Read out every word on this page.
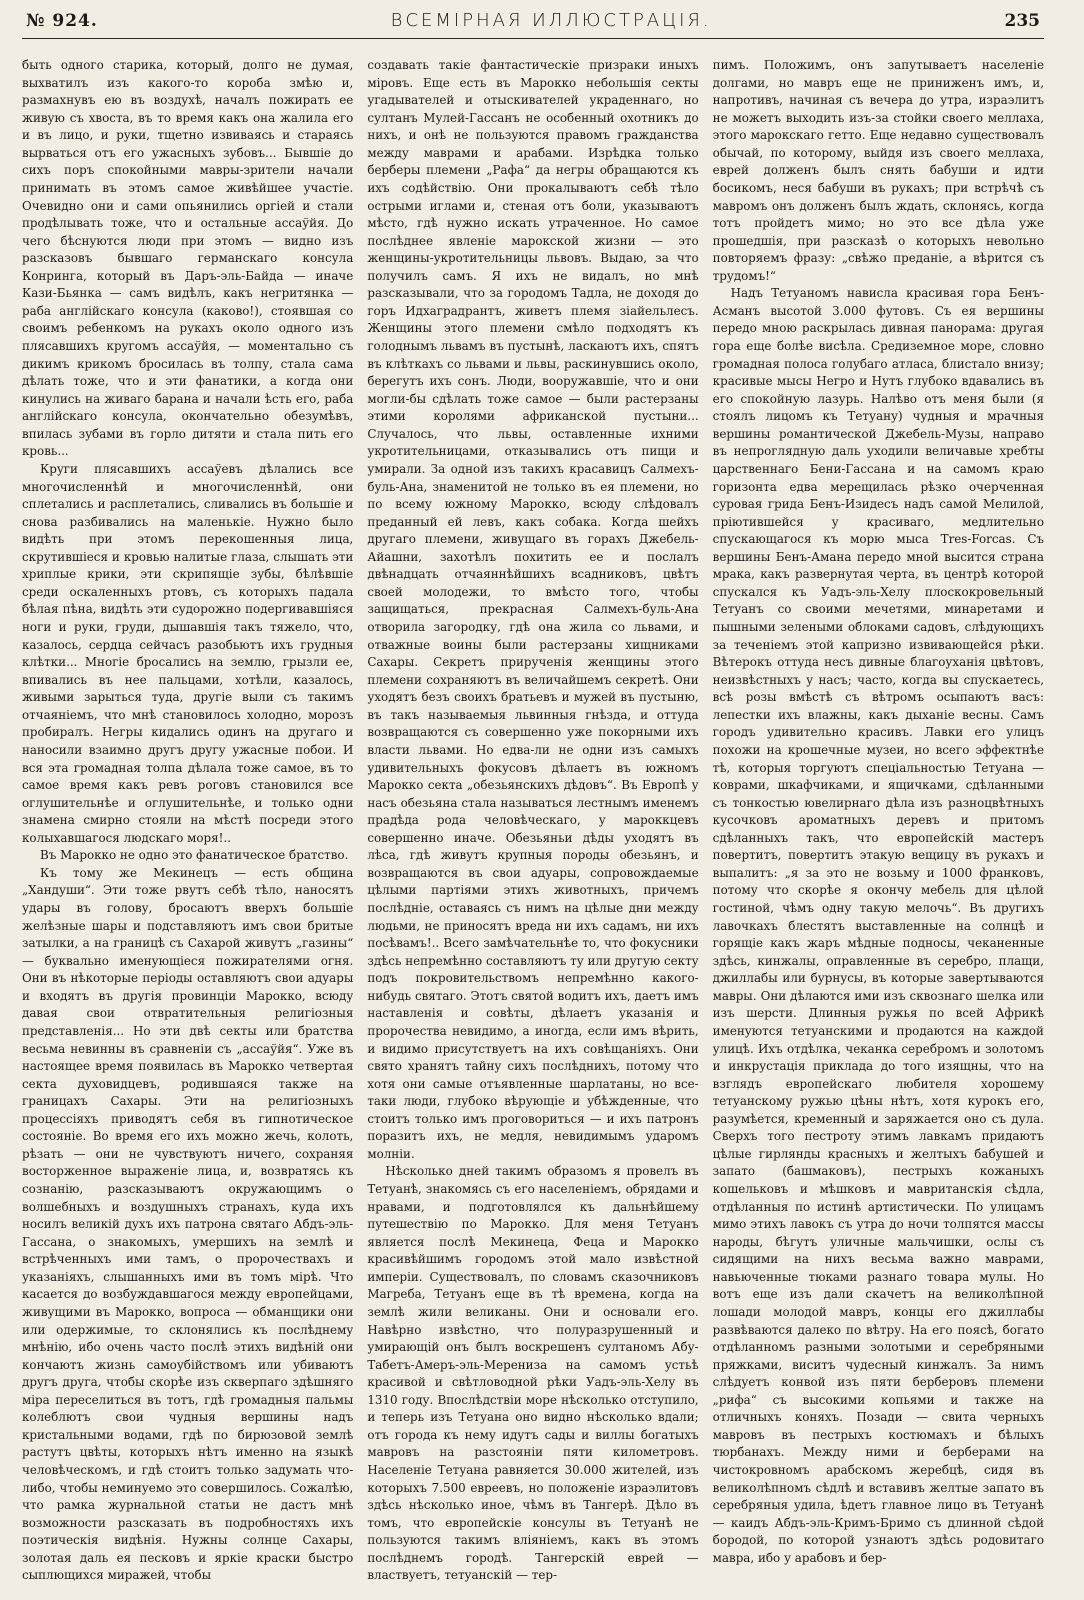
№ 924.	ВСЕМІРНАЯ ИЛЛЮСТРАЦІЯ.	235

быть одного старика, который, долго не думая, выхватилъ изъ какого-то короба змѣю и, размахнувъ ею въ воздухѣ, началъ пожирать ее живую съ хвоста, въ то время какъ она жалила его и въ лицо, и руки, тщетно извиваясь и стараясь вырваться отъ его ужасныхъ зубовъ... Бывшіе до сихъ поръ спокойными мавры-зрители начали принимать въ этомъ самое живѣйшее участіе. Очевидно они и сами опьянились оргіей и стали продѣлывать тоже, что и остальные ассаўйя. До чего бѣснуются люди при этомъ — видно изъ разсказовъ бывшаго германскаго консула Конринга, который въ Даръ-эль-Байда — иначе Кази-Бьянка — самъ видѣлъ, какъ негритянка — раба англійскаго консула (каково!), стоявшая со своимъ ребенкомъ на рукахъ около одного изъ плясавшихъ кругомъ ассаўйя, — моментально съ дикимъ крикомъ бросилась въ толпу, стала сама дѣлать тоже, что и эти фанатики, а когда они кинулись на живаго барана и начали ѣсть его, раба англійскаго консула, окончательно обезумѣвъ, впилась зубами въ горло дитяти и стала пить его кровь...

Круги плясавшихъ ассаўевъ дѣлались все многочисленнѣй и многочисленнѣй, они сплетались и расплетались, сливались въ большіе и снова разбивались на маленькіе. Нужно было видѣть при этомъ перекошенныя лица, скрутившіеся и кровью налитые глаза, слышать эти хриплые крики, эти скрипящіе зубы, бѣлѣвшіе среди оскаленныхъ ртовъ, съ которыхъ падала бѣлая пѣна, видѣть эти судорожно подергивавшіяся ноги и руки, груди, дышавшія такъ тяжело, что, казалось, сердца сейчасъ разобьютъ ихъ грудныя клѣтки... Многіе бросались на землю, грызли ее, впивались въ нее пальцами, хотѣли, казалось, живыми зарыться туда, другіе выли съ такимъ отчаяніемъ, что мнѣ становилось холодно, морозъ пробиралъ. Негры кидались одинъ на другаго и наносили взаимно другъ другу ужасные побои. И вся эта громадная толпа дѣлала тоже самое, въ то самое время какъ ревъ роговъ становился все оглушительнѣе и оглушительнѣе, и только одни знамена смирно стояли на мѣстѣ посреди этого колыхавшагося людскаго моря!..

Въ Марокко не одно это фанатическое братство.

Къ тому же Мекинецъ — есть община „Хандуши“. Эти тоже рвутъ себѣ тѣло, наносятъ удары въ голову, бросаютъ вверхъ большіе желѣзные шары и подставляютъ имъ свои бритые затылки, а на границѣ съ Сахарой живутъ „газины“ — буквально именующіеся пожирателями огня. Они въ нѣкоторые періоды оставляютъ свои адуары и входятъ въ другія провинціи Марокко, всюду давая свои отвратительныя религіозныя представленія... Но эти двѣ секты или братства весьма невинны въ сравненіи съ „ассаўйя“. Уже въ настоящее время появилась въ Марокко четвертая секта духовидцевъ, родившаяся также на границахъ Сахары. Эти на религіозныхъ процессіяхъ приводятъ себя въ гипнотическое состояніе. Во время его ихъ можно жечь, колоть, рѣзать — они не чувствуютъ ничего, сохраняя восторженное выраженіе лица, и, возвратясь къ сознанію, разсказываютъ окружающимъ о волшебныхъ и воздушныхъ странахъ, куда ихъ носилъ великій духъ ихъ патрона святаго Абдъ-эль-Гассана, о знакомыхъ, умершихъ на землѣ и встрѣченныхъ ими тамъ, о пророчествахъ и указаніяхъ, слышанныхъ ими въ томъ мірѣ. Что касается до возбуждавшагося между европейцами, живущими въ Марокко, вопроса — обманщики они или одержимые, то склонялись къ послѣднему мнѣнію, ибо очень часто послѣ этихъ видѣній они кончаютъ жизнь самоубійствомъ или убиваютъ другъ друга, чтобы скорѣе изъ скверпаго здѣшняго міра переселиться въ тотъ, гдѣ громадныя пальмы колеблютъ свои чудныя вершины надъ кристальными водами, гдѣ по бирюзовой землѣ растутъ цвѣты, которыхъ нѣтъ именно на языкѣ человѣческомъ, и гдѣ стоитъ только задумать что-либо, чтобы неминуемо это совершилось. Сожалѣю, что рамка журнальной статьи не дастъ мнѣ возможности разсказать въ подробностяхъ ихъ поэтическія видѣнія. Нужны солнце Сахары, золотая даль ея песковъ и яркіе краски быстро сыплющихся миражей, чтобы

создавать такіе фантастическіе призраки иныхъ міровъ. Еще есть въ Марокко небольшія секты угадывателей и отыскивателей украденнаго, но султанъ Мулей-Гассанъ не особенный охотникъ до нихъ, и онѣ не пользуются правомъ гражданства между маврами и арабами. Изрѣдка только берберы племени „Рафа“ да негры обращаются къ ихъ содѣйствію. Они прокалываютъ себѣ тѣло острыми иглами и, стеная отъ боли, указываютъ мѣсто, гдѣ нужно искать утраченное. Но самое послѣднее явленіе марокской жизни — это женщины-укротительницы львовъ. Выдаю, за что получилъ самъ. Я ихъ не видалъ, но мнѣ разсказывали, что за городомъ Тадла, не доходя до горъ Идхаградрантъ, живетъ племя зіайельлесъ. Женщины этого племени смѣло подходятъ къ голоднымъ львамъ въ пустынѣ, ласкаютъ ихъ, спятъ въ клѣткахъ со львами и львы, раскинувшись около, берегутъ ихъ сонъ. Люди, вооружавшіе, что и они могли-бы сдѣлать тоже самое — были растерзаны этими королями африканской пустыни... Случалось, что львы, оставленные ихними укротительницами, отказывались отъ пищи и умирали. За одной изъ такихъ красавицъ Салмехъ-буль-Ана, знаменитой не только въ ея племени, но по всему южному Марокко, всюду слѣдовалъ преданный ей левъ, какъ собака. Когда шейхъ другаго племени, живущаго въ горахъ Джебель-Айашни, захотѣлъ похитить ее и послалъ двѣнадцать отчаяннѣйшихъ всадниковъ, цвѣтъ своей молодежи, то вмѣсто того, чтобы защищаться, прекрасная Салмехъ-буль-Ана отворила загородку, гдѣ она жила со львами, и отважные воины были растерзаны хищниками Сахары. Секретъ прирученія женщины этого племени сохраняютъ въ величайшемъ секретѣ. Они уходятъ безъ своихъ братьевъ и мужей въ пустыню, въ такъ называемыя львинныя гнѣзда, и оттуда возвращаются съ совершенно уже покорными ихъ власти львами. Но едва-ли не одни изъ самыхъ удивительныхъ фокусовъ дѣлаетъ въ южномъ Марокко секта „обезьянскихъ дѣдовъ“. Въ Европѣ у насъ обезьяна стала называться лестнымъ именемъ прадѣда рода человѣческаго, у мароккцевъ совершенно иначе. Обезьяньи дѣды уходятъ въ лѣса, гдѣ живутъ крупныя породы обезьянъ, и возвращаются въ свои адуары, сопровождаемые цѣлыми партіями этихъ животныхъ, причемъ послѣдніе, оставаясь съ нимъ на цѣлые дни между людьми, не приносятъ вреда ни ихъ садамъ, ни ихъ посѣвамъ!.. Всего замѣчательнѣе то, что фокусники здѣсь непремѣнно составляютъ ту или другую секту подъ покровительствомъ непремѣнно какого-нибудь святаго. Этотъ святой водитъ ихъ, даетъ имъ наставленія и совѣты, дѣлаетъ указанія и пророчества невидимо, а иногда, если имъ вѣрить, и видимо присутствуетъ на ихъ совѣщаніяхъ. Они свято хранятъ тайну сихъ послѣднихъ, потому что хотя они самые отъявленные шарлатаны, но все-таки люди, глубоко вѣрующіе и убѣжденные, что стоитъ только имъ проговориться — и ихъ патронъ поразитъ ихъ, не медля, невидимымъ ударомъ молніи.

Нѣсколько дней такимъ образомъ я провелъ въ Тетуанѣ, знакомясь съ его населеніемъ, обрядами и нравами, и подготовлялся къ дальнѣйшему путешествію по Марокко. Для меня Тетуанъ является послѣ Мекинеца, Феца и Марокко красивѣйшимъ городомъ этой мало извѣстной имперіи. Существовалъ, по словамъ сказочниковъ Магреба, Тетуанъ еще въ тѣ времена, когда на землѣ жили великаны. Они и основали его. Навѣрно извѣстно, что полуразрушенный и умирающій онъ былъ воскрешенъ султаномъ Абу-Табетъ-Амеръ-эль-Мерениза на самомъ устьѣ красивой и свѣтловодной рѣки Уадъ-эль-Хелу въ 1310 году. Впослѣдствіи море нѣсколько отступило, и теперь изъ Тетуана оно видно нѣсколько вдали; отъ города къ нему идутъ сады и виллы богатыхъ мавровъ на разстояніи пяти километровъ. Населеніе Тетуана равняется 30.000 жителей, изъ которыхъ 7.500 евреевъ, но положеніе израэлитовъ здѣсь нѣсколько иное, чѣмъ въ Тангерѣ. Дѣло въ томъ, что европейскіе консулы въ Тетуанѣ не пользуются такимъ вліяніемъ, какъ въ этомъ послѣднемъ городѣ. Тангерскій еврей — властвуетъ, тетуанскій — тер-

пимъ. Положимъ, онъ запутываетъ населеніе долгами, но мавръ еще не приниженъ имъ, и, напротивъ, начиная съ вечера до утра, израэлитъ не можетъ выходить изъ-за стойки своего меллаха, этого марокскаго гетто. Еще недавно существовалъ обычай, по которому, выйдя изъ своего меллаха, еврей долженъ былъ снять бабуши и идти босикомъ, неся бабуши въ рукахъ; при встрѣчѣ съ мавромъ онъ долженъ былъ ждать, склонясь, когда тотъ пройдетъ мимо; но это все дѣла уже прошедшія, при разсказѣ о которыхъ невольно повторяемъ фразу: „свѣжо преданіе, а вѣрится съ трудомъ!“

Надъ Тетуаномъ нависла красивая гора Бенъ-Асманъ высотой 3.000 футовъ. Съ ея вершины передо мною раскрылась дивная панорама: другая гора еще болѣе висѣла. Средиземное море, словно громадная полоса голубаго атласа, блистало внизу; красивые мысы Негро и Нутъ глубоко вдавались въ его спокойную лазурь. Налѣво отъ меня были (я стоялъ лицомъ къ Тетуану) чудныя и мрачныя вершины романтической Джебель-Музы, направо въ непроглядную даль уходили величавые хребты царственнаго Бени-Гассана и на самомъ краю горизонта едва мерещилась рѣзко очерченная суровая грида Бенъ-Изидесъ надъ самой Мелилой, пріютившейся у красиваго, медлительно спускающагося къ морю мыса Tres-Forcas. Съ вершины Бенъ-Амана передо мной высится страна мрака, какъ развернутая черта, въ центрѣ которой спускался къ Уадъ-эль-Хелу плоскокровельный Тетуанъ со своими мечетями, минаретами и пышными зелеными облоками садовъ, слѣдующихъ за теченіемъ этой капризно извивающейся рѣки. Вѣтерокъ оттуда несъ дивные благоуханія цвѣтовъ, неизвѣстныхъ у насъ; часто, когда вы спускаетесь, всѣ розы вмѣстѣ съ вѣтромъ осыпаютъ васъ: лепестки ихъ влажны, какъ дыханіе весны. Самъ городъ удивительно красивъ. Лавки его улицъ похожи на крошечные музеи, но всего эффектнѣе тѣ, которыя торгуютъ спеціальностью Тетуана — коврами, шкафчиками, и ящичками, сдѣланными съ тонкостью ювелирнаго дѣла изъ разноцвѣтныхъ кусочковъ ароматныхъ деревъ и притомъ сдѣланныхъ такъ, что европейскій мастеръ повертитъ, повертитъ этакую вещицу въ рукахъ и выпалитъ: „я за это не возьму и 1000 франковъ, потому что скорѣе я окончу мебель для цѣлой гостиной, чѣмъ одну такую мелочь“. Въ другихъ лавочкахъ блестятъ выставленные на солнцѣ и горящіе какъ жаръ мѣдные подносы, чеканенные здѣсь, кинжалы, оправленные въ серебро, плащи, джиллабы или бурнусы, въ которые завертываются мавры. Они дѣлаются ими изъ сквознаго шелка или изъ шерсти. Длинныя ружья по всей Африкѣ именуются тетуанскими и продаются на каждой улицѣ. Ихъ отдѣлка, чеканка серебромъ и золотомъ и инкрустація приклада до того изящны, что на взглядъ европейскаго любителя хорошему тетуанскому ружью цѣны нѣтъ, хотя курокъ его, разумѣется, кременный и заряжается оно съ дула. Сверхъ того пестроту этимъ лавкамъ придаютъ цѣлые гирлянды красныхъ и желтыхъ бабушей и запато (башмаковъ), пестрыхъ кожаныхъ кошельковъ и мѣшковъ и мавританскія сѣдла, отдѣланныя по истинѣ артистически. По улицамъ мимо этихъ лавокъ съ утра до ночи толпятся массы народы, бѣгутъ уличные мальчишки, ослы съ сидящими на нихъ весьма важно маврами, навьюченные тюками разнаго товара мулы. Но вотъ еще изъ дали скачетъ на великолѣпной лошади молодой мавръ, концы его джиллабы развѣваются далеко по вѣтру. На его поясѣ, богато отдѣланномъ разными золотыми и серебряными пряжками, виситъ чудесный кинжалъ. За нимъ слѣдуетъ конвой изъ пяти берберовъ племени „рифа“ съ высокими копьями и также на отличныхъ коняхъ. Позади — свита черныхъ мавровъ въ пестрыхъ костюмахъ и бѣлыхъ тюрбанахъ. Между ними и берберами на чистокровномъ арабскомъ жеребцѣ, сидя въ великолѣпномъ сѣдлѣ и вставивъ желтые запато въ серебряныя удила, ѣдетъ главное лицо въ Тетуанѣ — каидъ Абдъ-эль-Кримъ-Бримо съ длинной сѣдой бородой, по которой узнаютъ здѣсь родовитаго мавра, ибо у арабовъ и бер-
